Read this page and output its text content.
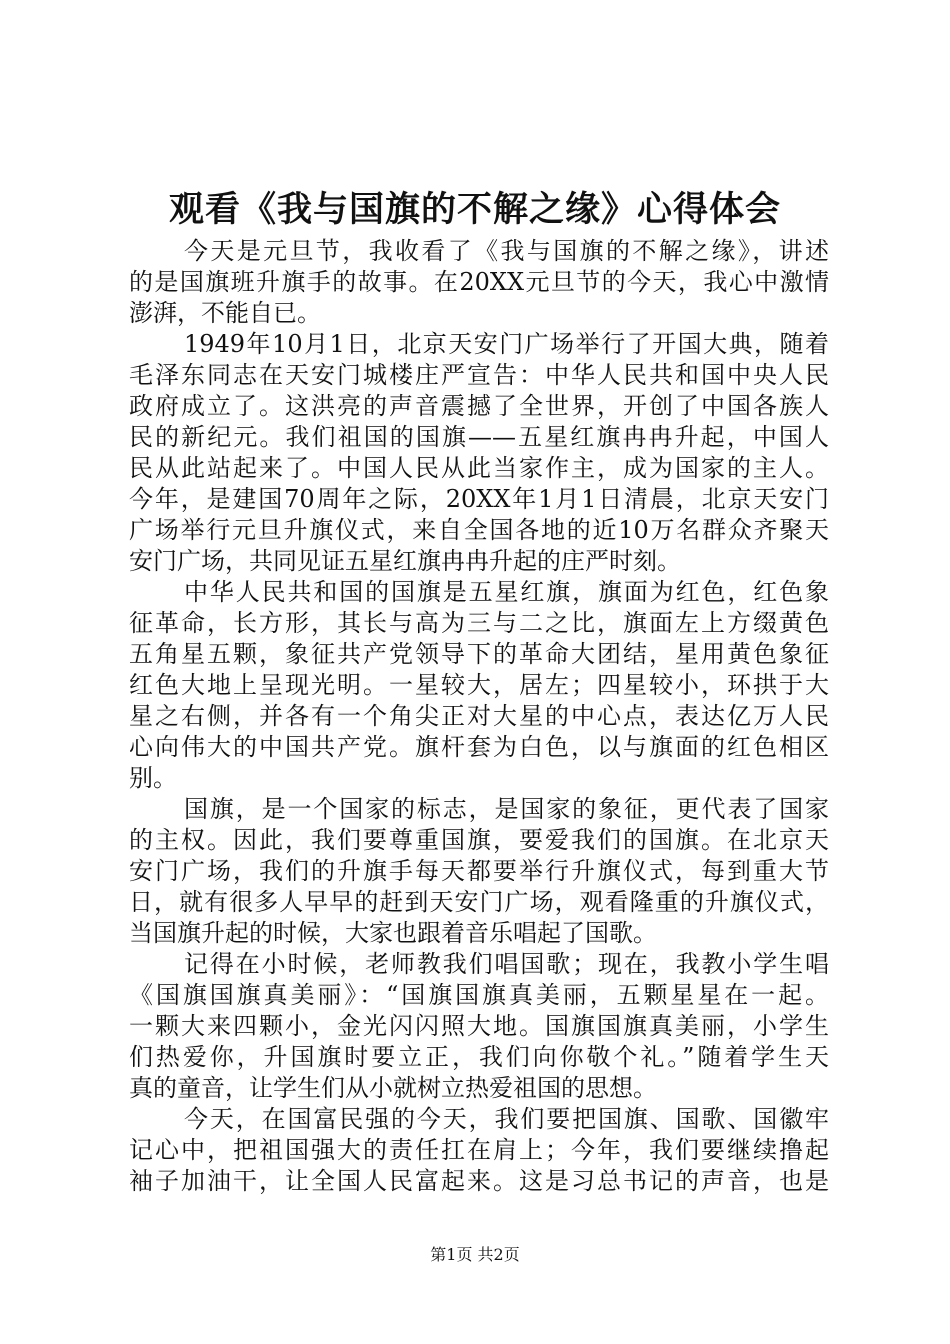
观看《我与国旗的不解之缘》心得体会
今天是元旦节，我收看了《我与国旗的不解之缘》，讲述
的是国旗班升旗手的故事。在20XX元旦节的今天，我心中激情
澎湃，不能自已。
1949年10月1日，北京天安门广场举行了开国大典，随着
毛泽东同志在天安门城楼庄严宣告：中华人民共和国中央人民
政府成立了。这洪亮的声音震撼了全世界，开创了中国各族人
民的新纪元。我们祖国的国旗——五星红旗冉冉升起，中国人
民从此站起来了。中国人民从此当家作主，成为国家的主人。
今年，是建国70周年之际，20XX年1月1日清晨，北京天安门
广场举行元旦升旗仪式，来自全国各地的近10万名群众齐聚天
安门广场，共同见证五星红旗冉冉升起的庄严时刻。
中华人民共和国的国旗是五星红旗，旗面为红色，红色象
征革命，长方形，其长与高为三与二之比，旗面左上方缀黄色
五角星五颗，象征共产党领导下的革命大团结，星用黄色象征
红色大地上呈现光明。一星较大，居左；四星较小，环拱于大
星之右侧，并各有一个角尖正对大星的中心点，表达亿万人民
心向伟大的中国共产党。旗杆套为白色，以与旗面的红色相区
别。
国旗，是一个国家的标志，是国家的象征，更代表了国家
的主权。因此，我们要尊重国旗，要爱我们的国旗。在北京天
安门广场，我们的升旗手每天都要举行升旗仪式，每到重大节
日，就有很多人早早的赶到天安门广场，观看隆重的升旗仪式，
当国旗升起的时候，大家也跟着音乐唱起了国歌。
记得在小时候，老师教我们唱国歌；现在，我教小学生唱
《国旗国旗真美丽》：“国旗国旗真美丽，五颗星星在一起。
一颗大来四颗小，金光闪闪照大地。国旗国旗真美丽，小学生
们热爱你，升国旗时要立正，我们向你敬个礼。”随着学生天
真的童音，让学生们从小就树立热爱祖国的思想。
今天，在国富民强的今天，我们要把国旗、国歌、国徽牢
记心中，把祖国强大的责任扛在肩上；今年，我们要继续撸起
袖子加油干，让全国人民富起来。这是习总书记的声音，也是
第1页 共2页
